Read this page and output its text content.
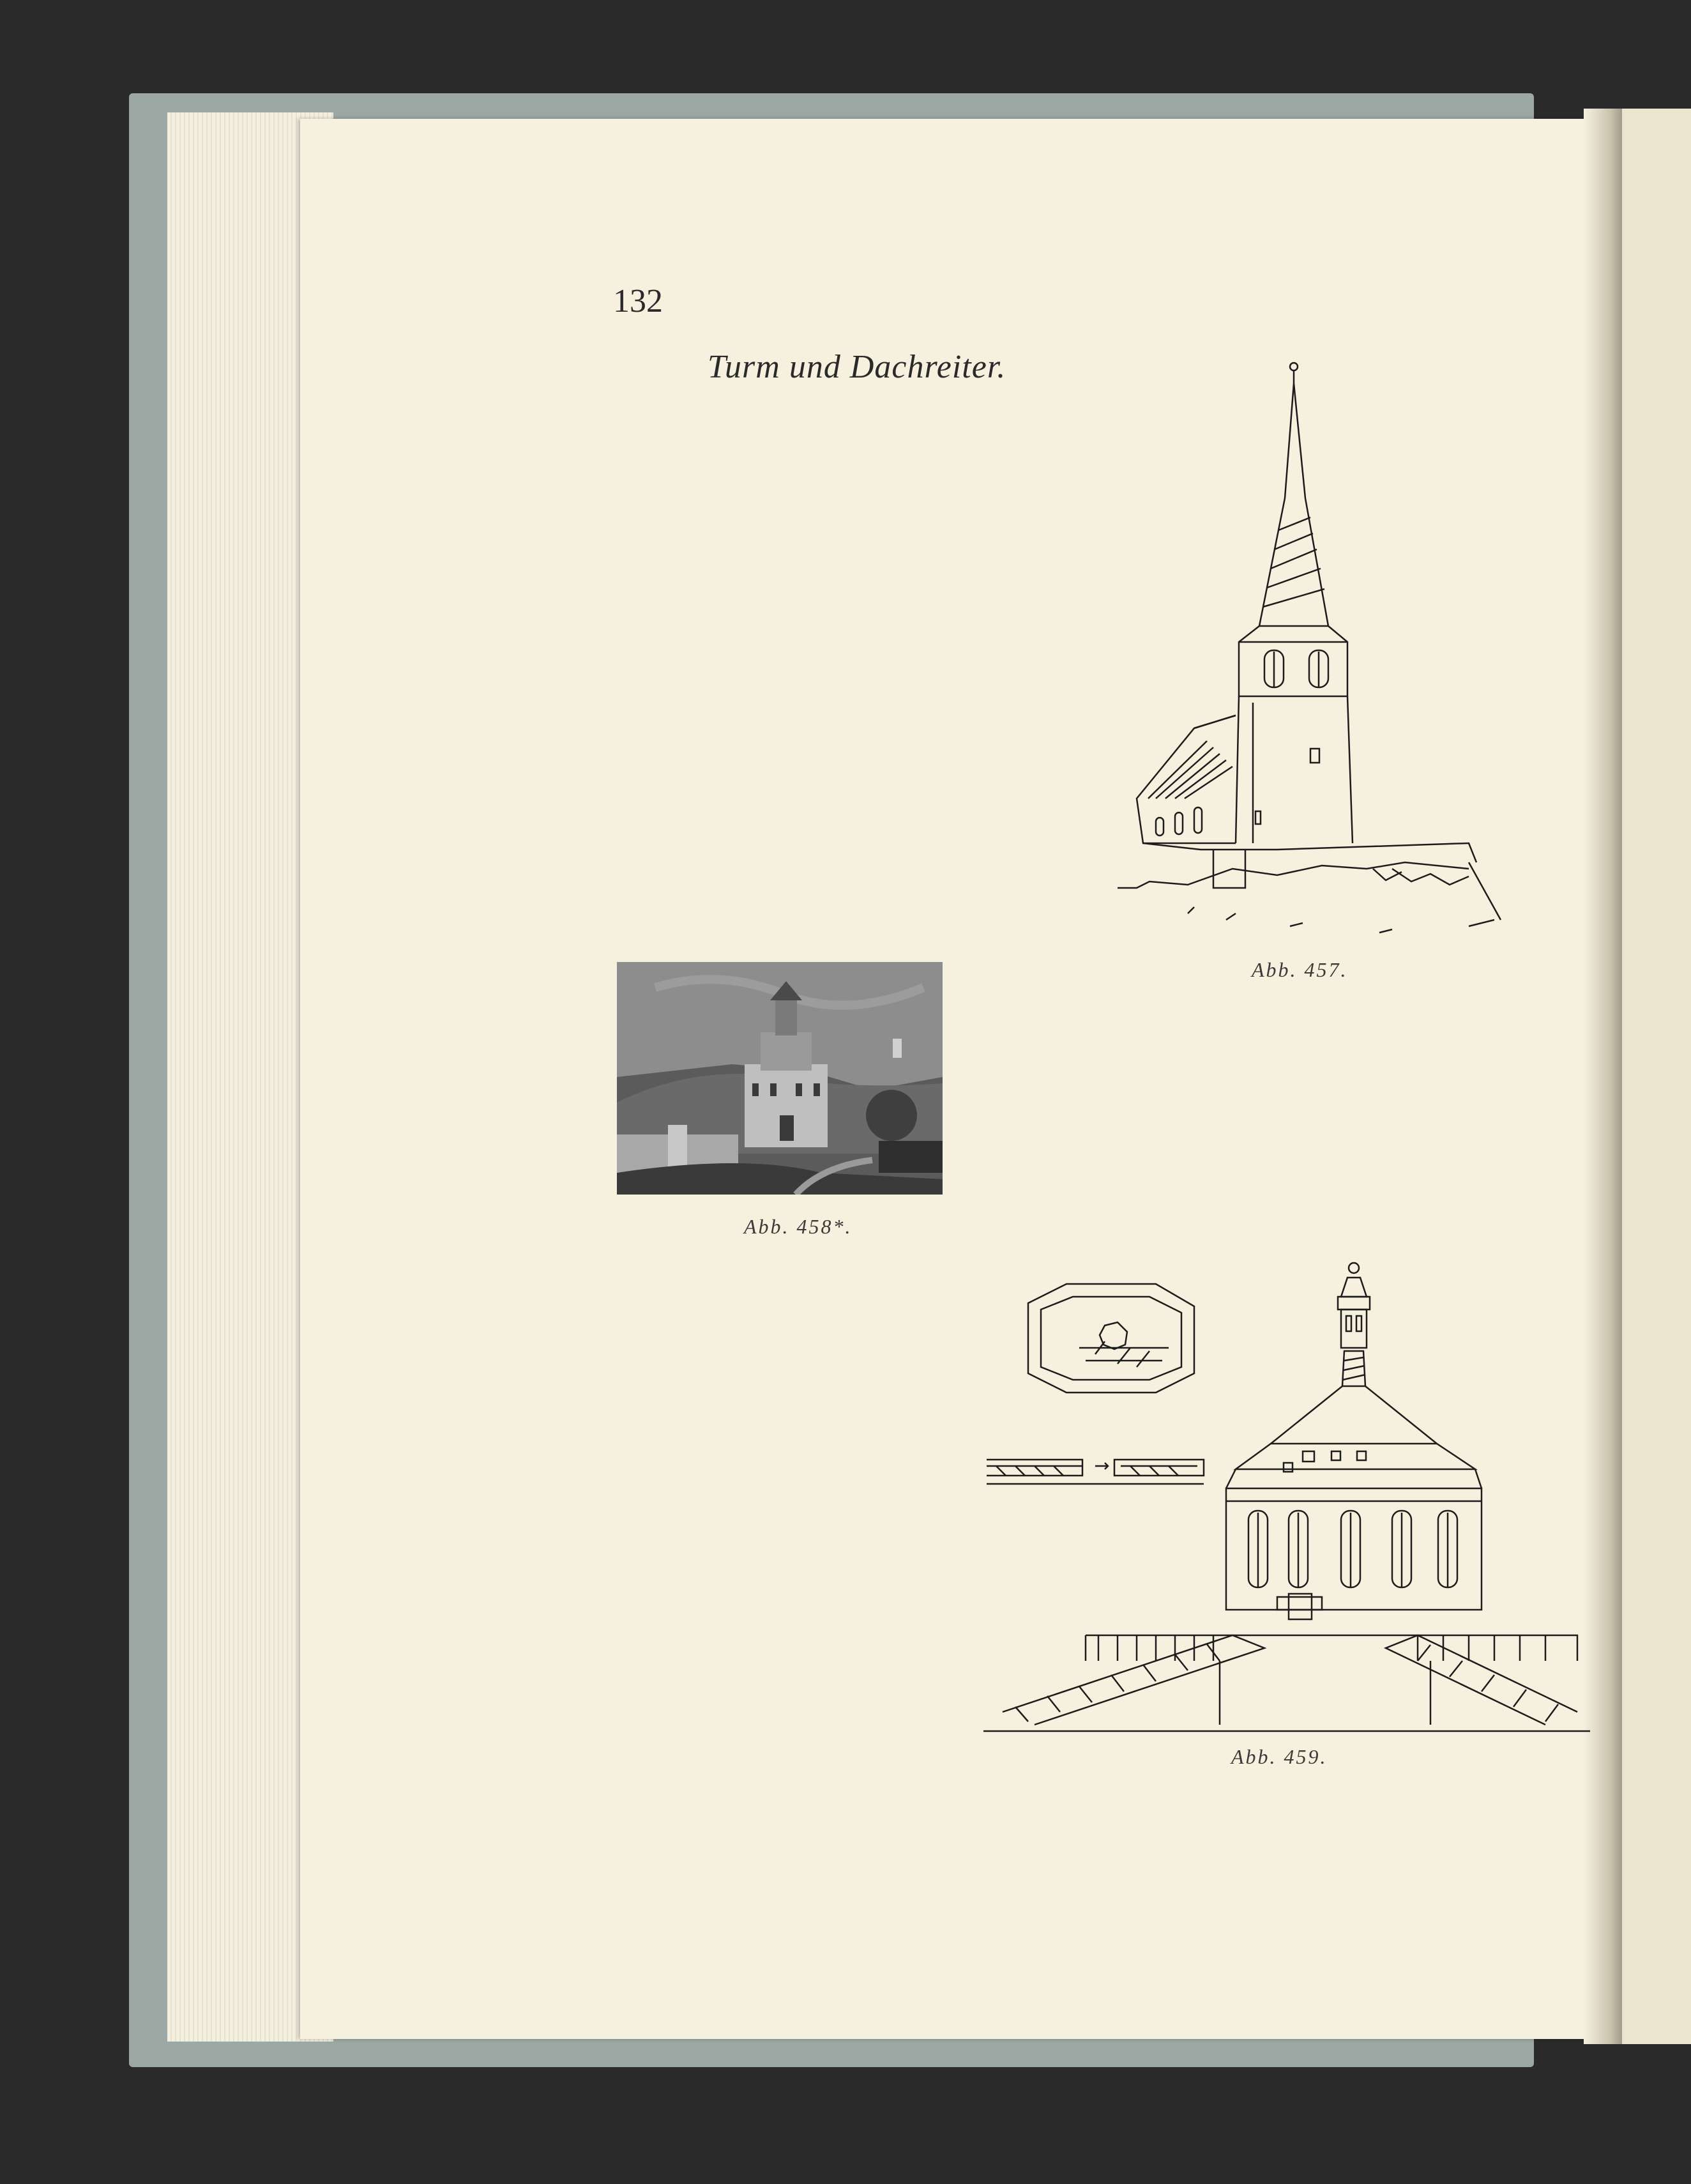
132
Turm und Dachreiter.
Abb. 457.
Abb. 458*.
Abb. 459.
